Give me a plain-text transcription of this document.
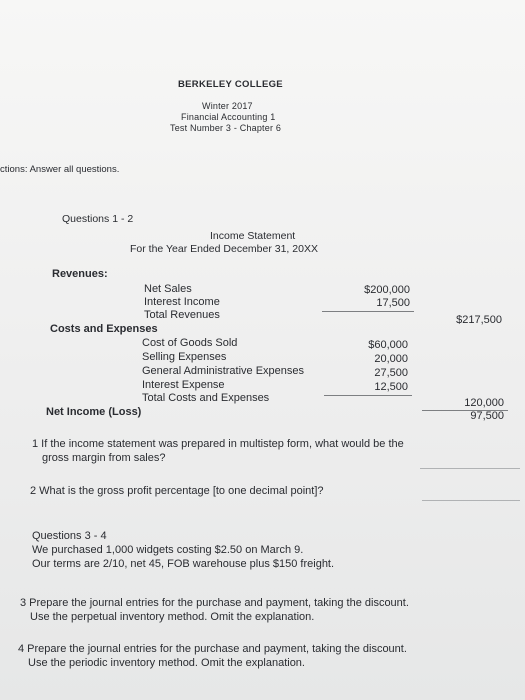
BERKELEY COLLEGE
Winter 2017
Financial Accounting 1
Test Number 3 - Chapter 6
ctions: Answer all questions.
Questions 1 - 2
Income Statement
For the Year Ended December 31, 20XX
Revenues:
Net Sales	$200,000
Interest Income	17,500
Total Revenues	$217,500
Costs and Expenses
Cost of Goods Sold	$60,000
Selling Expenses	20,000
General Administrative Expenses	27,500
Interest Expense	12,500
Total Costs and Expenses	120,000
Net Income (Loss)	97,500
1 If the income statement was prepared in multistep form, what would be the
gross margin from sales?
2 What is the gross profit percentage [to one decimal point]?
Questions 3 - 4
We purchased 1,000 widgets costing $2.50 on March 9.
Our terms are 2/10, net 45, FOB warehouse plus $150 freight.
3 Prepare the journal entries for the purchase and payment, taking the discount.
Use the perpetual inventory method. Omit the explanation.
4 Prepare the journal entries for the purchase and payment, taking the discount.
Use the periodic inventory method. Omit the explanation.
